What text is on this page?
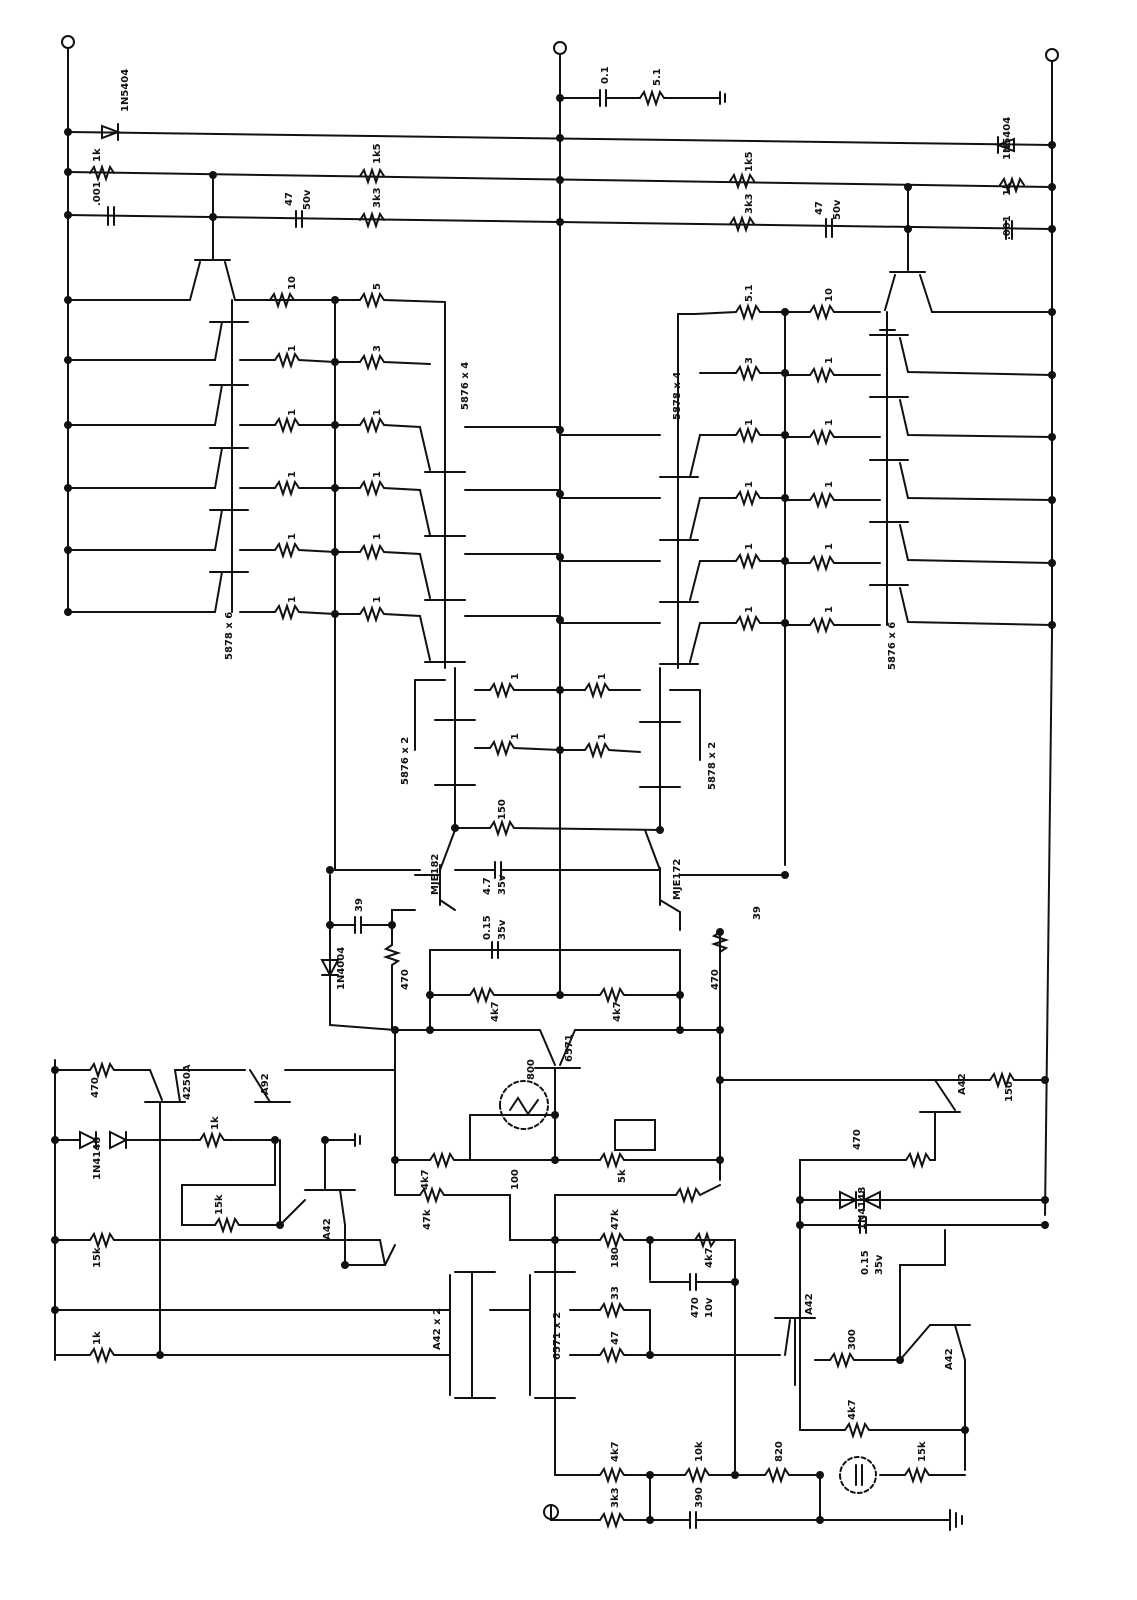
1N5404
1N5404
1k
1k
.001
.001
47 50v	47 50v
1k5
3k3
1k5
3k3
0.1	5.1
10	5
1	3
1	1
1	1
1	1
1	1
5.1	10
3	1
1	1
1	1
1	1
1	1
1	1
1	1
5876 x 4	5878 x 4
5878 x 6	5876 x 6
5876 x 2	5878 x 2
150
MJE182	MJE172
4.7 35v
39
39
0.15 35v
1N4004	470	470
4k7	4k7
6571
800
100	5k
4k7
470	4250A	A92
1N4148
1k
15k
A42
A42	150
470
1N4148
0.15 35v
47k	47k
180	4k7
470 10v
15k
A42 x 2	6571 x 2
33
47
A42
A42
300
4k7
1k
3k3
4k7
390
10k	820	15k
